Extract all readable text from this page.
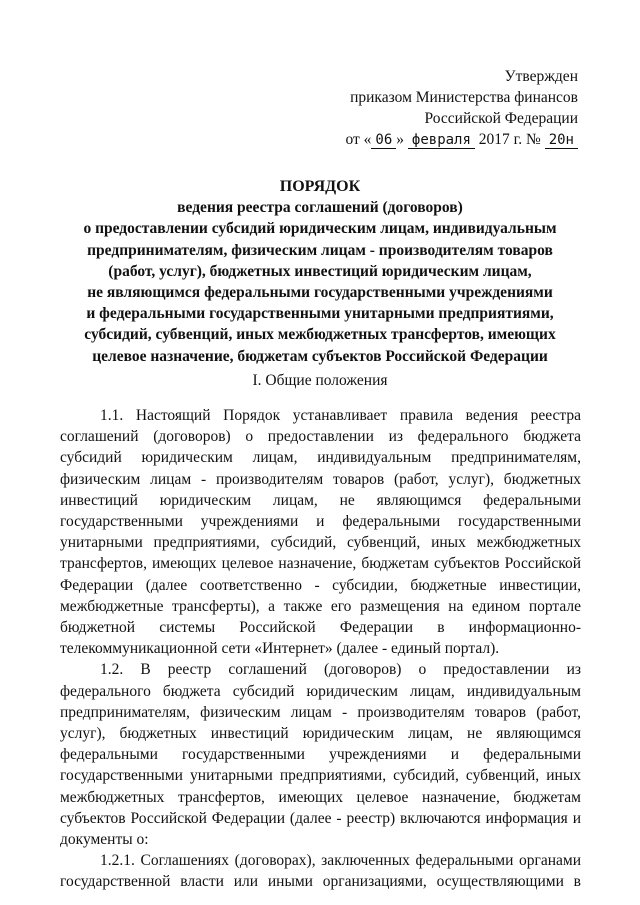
Утвержден
приказом Министерства финансов
Российской Федерации
от « 06 » февраля 2017 г. № 20н
ПОРЯДОК
ведения реестра соглашений (договоров)
о предоставлении субсидий юридическим лицам, индивидуальным
предпринимателям, физическим лицам - производителям товаров
(работ, услуг), бюджетных инвестиций юридическим лицам,
не являющимся федеральными государственными учреждениями
и федеральными государственными унитарными предприятиями,
субсидий, субвенций, иных межбюджетных трансфертов, имеющих
целевое назначение, бюджетам субъектов Российской Федерации
I. Общие положения

1.1. Настоящий Порядок устанавливает правила ведения реестра соглашений (договоров) о предоставлении из федерального бюджета субсидий юридическим лицам, индивидуальным предпринимателям, физическим лицам - производителям товаров (работ, услуг), бюджетных инвестиций юридическим лицам, не являющимся федеральными государственными учреждениями и федеральными государственными унитарными предприятиями, субсидий, субвенций, иных межбюджетных трансфертов, имеющих целевое назначение, бюджетам субъектов Российской Федерации (далее соответственно - субсидии, бюджетные инвестиции, межбюджетные трансферты), а также его размещения на едином портале бюджетной системы Российской Федерации в информационно-телекоммуникационной сети «Интернет» (далее - единый портал).

1.2. В реестр соглашений (договоров) о предоставлении из федерального бюджета субсидий юридическим лицам, индивидуальным предпринимателям, физическим лицам - производителям товаров (работ, услуг), бюджетных инвестиций юридическим лицам, не являющимся федеральными государственными учреждениями и федеральными государственными унитарными предприятиями, субсидий, субвенций, иных межбюджетных трансфертов, имеющих целевое назначение, бюджетам субъектов Российской Федерации (далее - реестр) включаются информация и документы о:

1.2.1. Соглашениях (договорах), заключенных федеральными органами государственной власти или иными организациями, осуществляющими в
